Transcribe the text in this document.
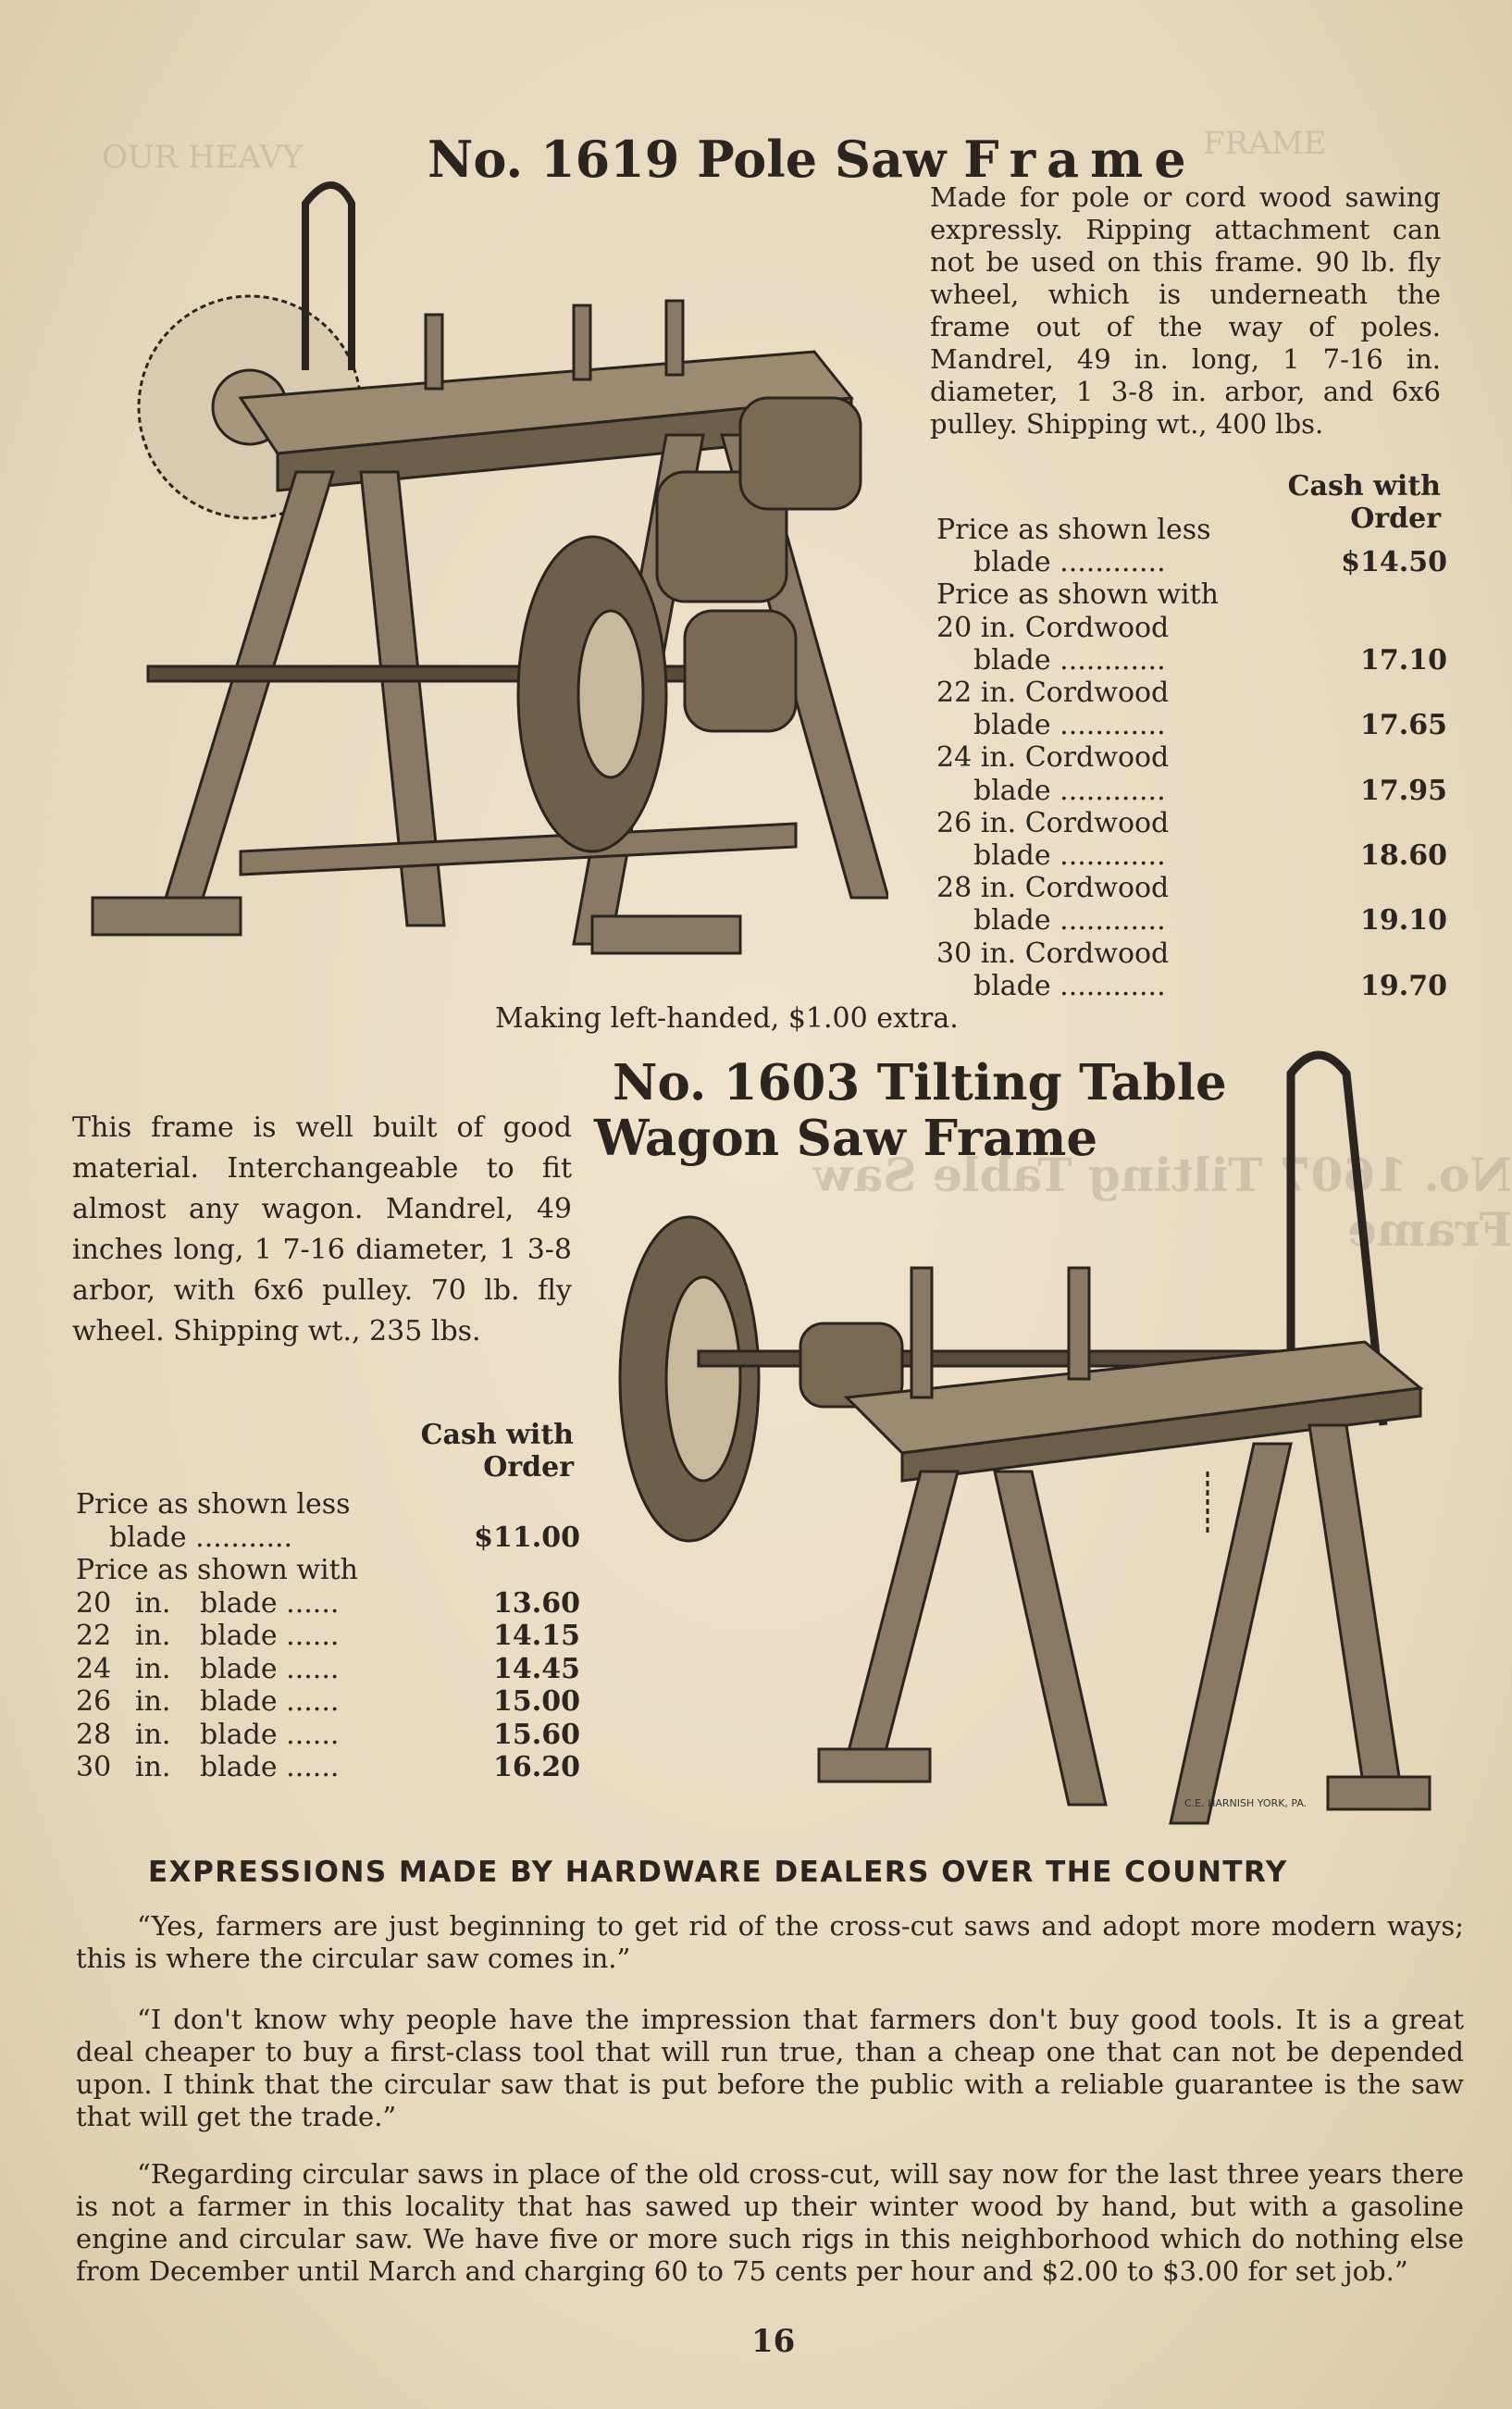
OUR HEAVY	FRAME
No. 1607 Tilting Table Saw Frame
No. 1619 Pole Saw Frame
Made for pole or cord wood sawing expressly. Ripping attachment can not be used on this frame. 90 lb. fly wheel, which is underneath the frame out of the way of poles. Mandrel, 49 in. long, 1 7-16 in. diameter, 1 3-8 in. arbor, and 6x6 pulley. Shipping wt., 400 lbs.
Cash with Order
Price as shown less
blade ............	$14.50
Price as shown with
20 in. Cordwood
blade ............	17.10
22 in. Cordwood
blade ............	17.65
24 in. Cordwood
blade ............	17.95
26 in. Cordwood
blade ............	18.60
28 in. Cordwood
blade ............	19.10
30 in. Cordwood
blade ............	19.70
Making left-handed, $1.00 extra.
No. 1603 Tilting Table
Wagon Saw Frame
This frame is well built of good material. Interchangeable to fit almost any wagon. Mandrel, 49 inches long, 1 7-16 diameter, 1 3-8 arbor, with 6x6 pulley. 70 lb. fly wheel. Shipping wt., 235 lbs.
Cash with
Order
Price as shown less
blade ...........	$11.00
Price as shown with
20 in. blade ......	13.60
22 in. blade ......	14.15
24 in. blade ......	14.45
26 in. blade ......	15.00
28 in. blade ......	15.60
30 in. blade ......	16.20
C.E. HARNISH YORK, PA.
EXPRESSIONS MADE BY HARDWARE DEALERS OVER THE COUNTRY
“Yes, farmers are just beginning to get rid of the cross-cut saws and adopt more modern ways; this is where the circular saw comes in.”
“I don't know why people have the impression that farmers don't buy good tools. It is a great deal cheaper to buy a first-class tool that will run true, than a cheap one that can not be depended upon. I think that the circular saw that is put before the public with a reliable guarantee is the saw that will get the trade.”
“Regarding circular saws in place of the old cross-cut, will say now for the last three years there is not a farmer in this locality that has sawed up their winter wood by hand, but with a gasoline engine and circular saw. We have five or more such rigs in this neighborhood which do nothing else from December until March and charging 60 to 75 cents per hour and $2.00 to $3.00 for set job.”
16
